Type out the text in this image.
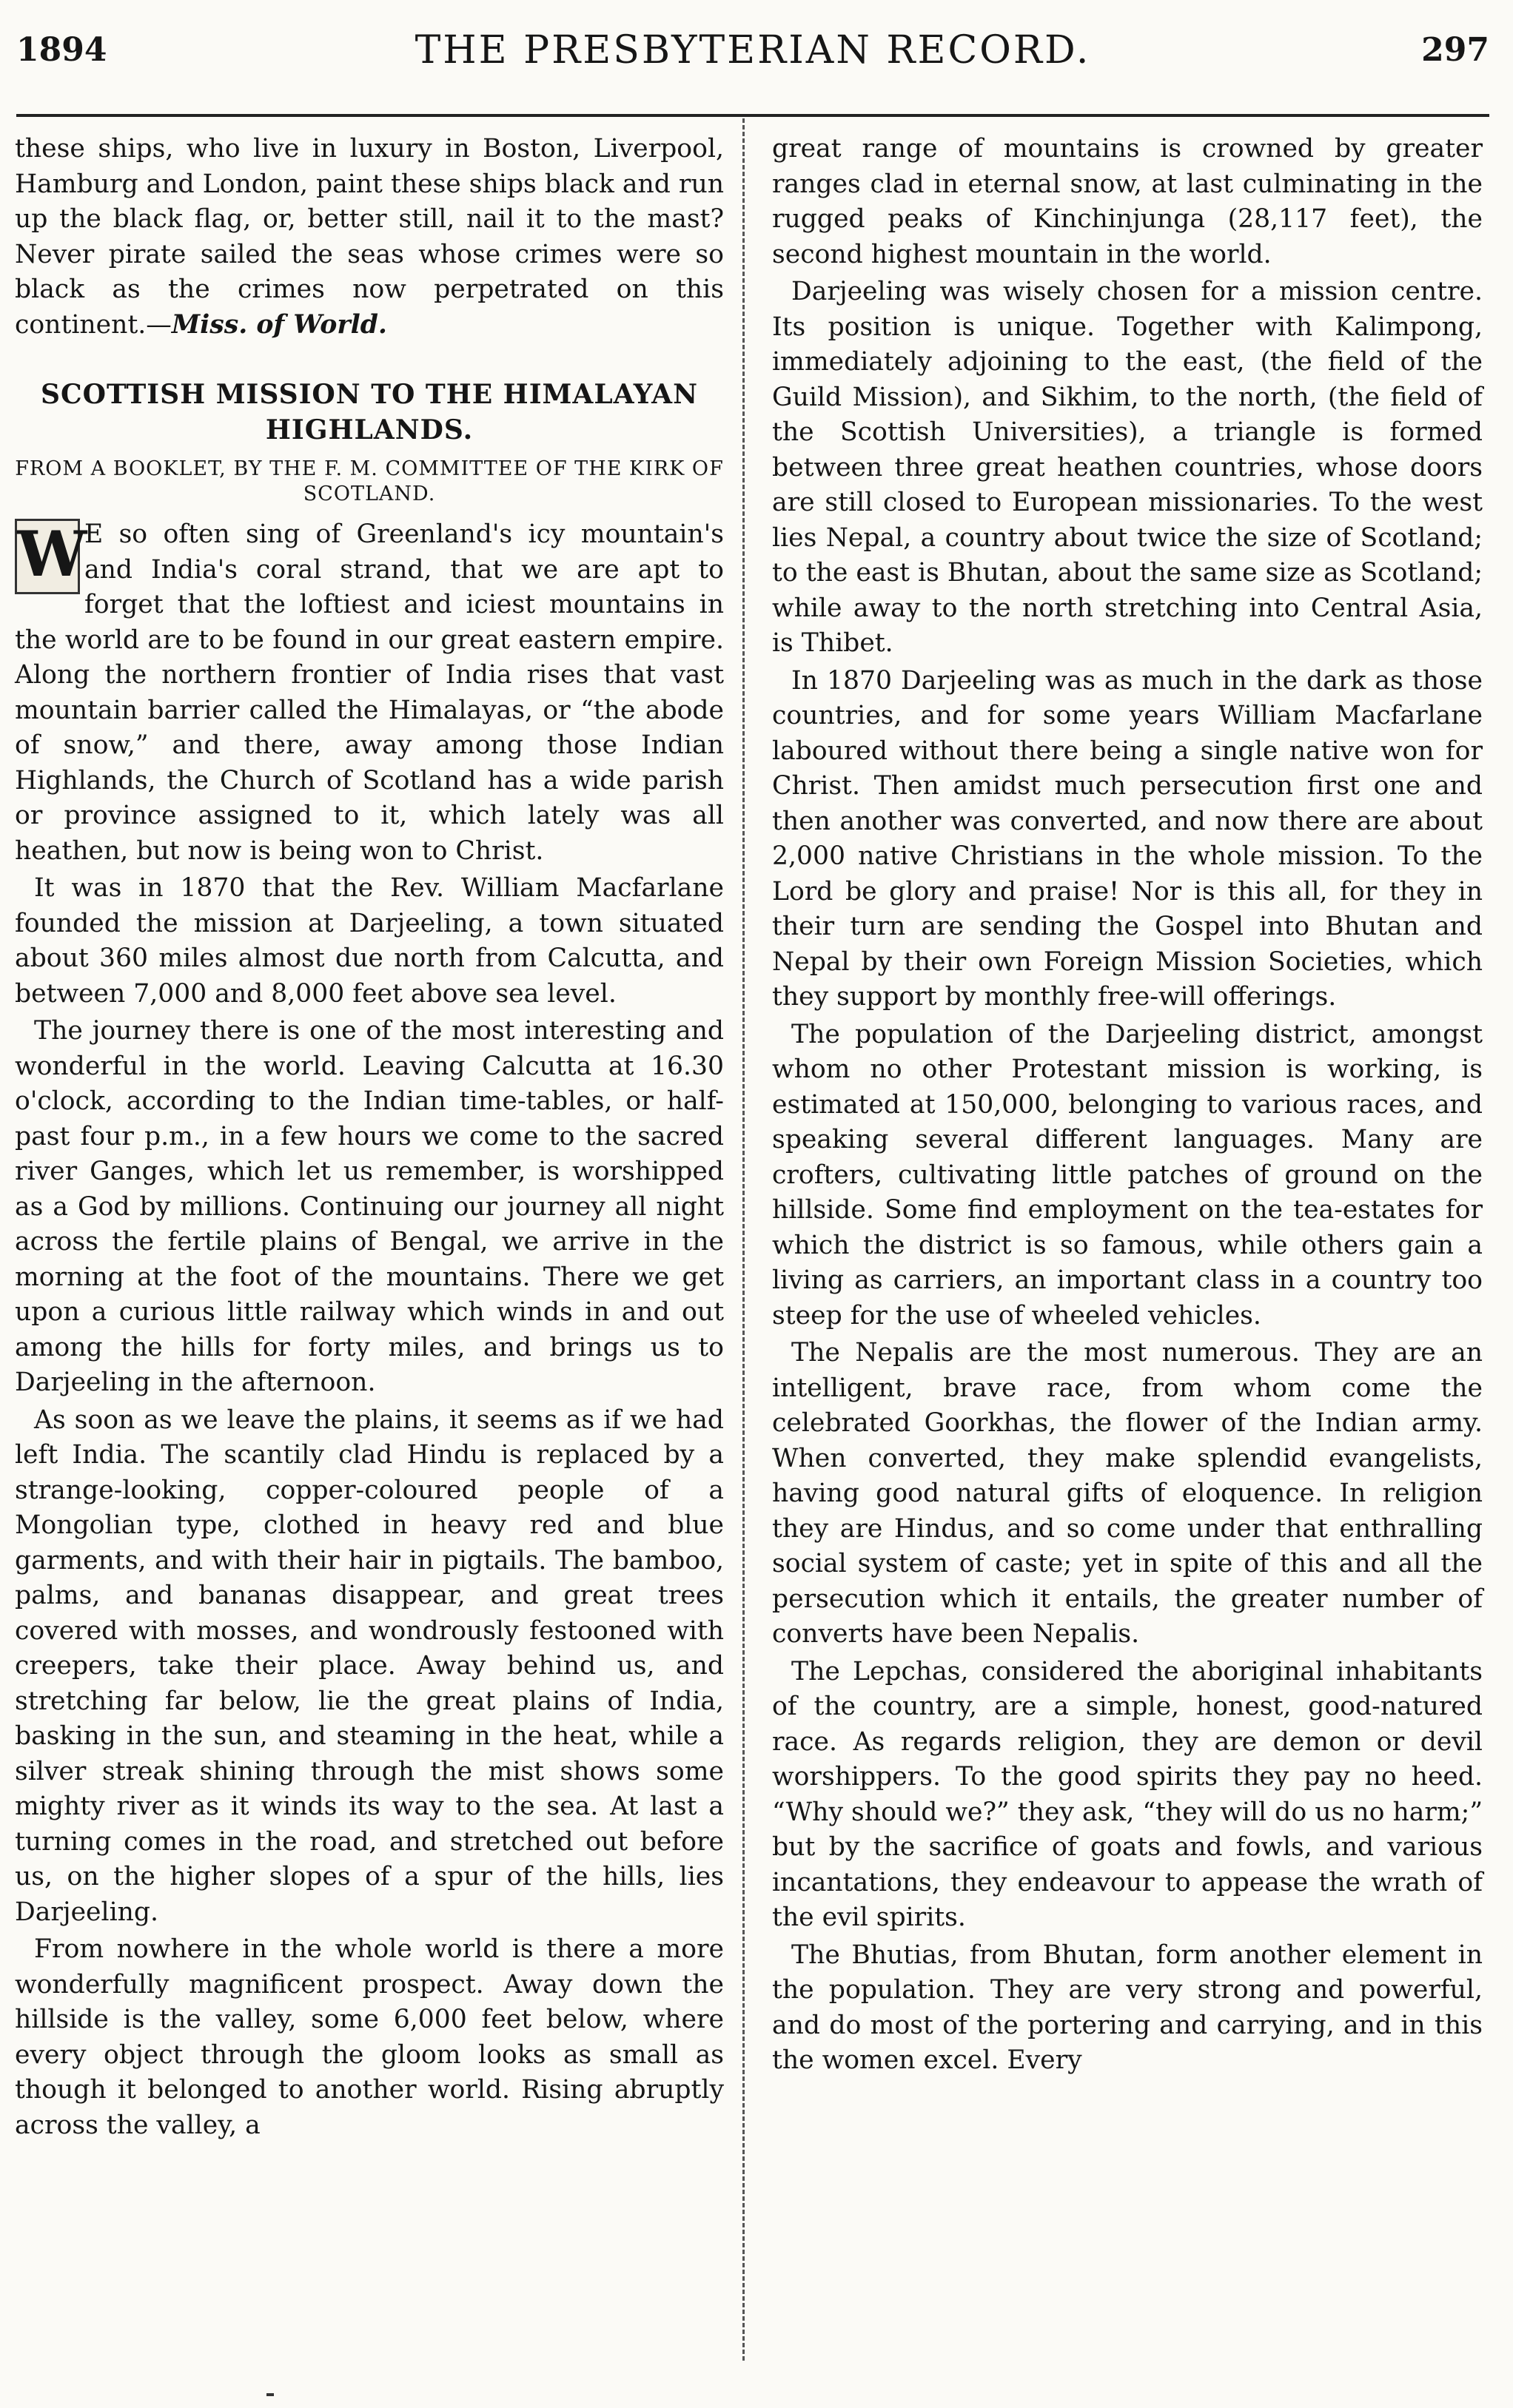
1894	THE PRESBYTERIAN RECORD.	297

these ships, who live in luxury in Boston, Liverpool, Hamburg and London, paint these ships black and run up the black flag, or, better still, nail it to the mast? Never pirate sailed the seas whose crimes were so black as the crimes now perpetrated on this continent.—Miss. of World.

SCOTTISH MISSION TO THE HIMALAYAN HIGHLANDS.
FROM A BOOKLET, BY THE F. M. COMMITTEE OF THE KIRK OF SCOTLAND.

W
E so often sing of Greenland's icy mountain's and India's coral strand, that we are apt to forget that the loftiest and iciest mountains in the world are to be found in our great eastern empire. Along the northern frontier of India rises that vast mountain barrier called the Himalayas, or “the abode of snow,” and there, away among those Indian Highlands, the Church of Scotland has a wide parish or province assigned to it, which lately was all heathen, but now is being won to Christ.

It was in 1870 that the Rev. William Macfarlane founded the mission at Darjeeling, a town situated about 360 miles almost due north from Calcutta, and between 7,000 and 8,000 feet above sea level.

The journey there is one of the most interesting and wonderful in the world. Leaving Calcutta at 16.30 o'clock, according to the Indian time-tables, or half-past four p.m., in a few hours we come to the sacred river Ganges, which let us remember, is worshipped as a God by millions. Continuing our journey all night across the fertile plains of Bengal, we arrive in the morning at the foot of the mountains. There we get upon a curious little railway which winds in and out among the hills for forty miles, and brings us to Darjeeling in the afternoon.

As soon as we leave the plains, it seems as if we had left India. The scantily clad Hindu is replaced by a strange-looking, copper-coloured people of a Mongolian type, clothed in heavy red and blue garments, and with their hair in pigtails. The bamboo, palms, and bananas disappear, and great trees covered with mosses, and wondrously festooned with creepers, take their place. Away behind us, and stretching far below, lie the great plains of India, basking in the sun, and steaming in the heat, while a silver streak shining through the mist shows some mighty river as it winds its way to the sea. At last a turning comes in the road, and stretched out before us, on the higher slopes of a spur of the hills, lies Darjeeling.

From nowhere in the whole world is there a more wonderfully magnificent prospect. Away down the hillside is the valley, some 6,000 feet below, where every object through the gloom looks as small as though it belonged to another world. Rising abruptly across the valley, a

great range of mountains is crowned by greater ranges clad in eternal snow, at last culminating in the rugged peaks of Kinchinjunga (28,117 feet), the second highest mountain in the world.

Darjeeling was wisely chosen for a mission centre. Its position is unique. Together with Kalimpong, immediately adjoining to the east, (the field of the Guild Mission), and Sikhim, to the north, (the field of the Scottish Universities), a triangle is formed between three great heathen countries, whose doors are still closed to European missionaries. To the west lies Nepal, a country about twice the size of Scotland; to the east is Bhutan, about the same size as Scotland; while away to the north stretching into Central Asia, is Thibet.

In 1870 Darjeeling was as much in the dark as those countries, and for some years William Macfarlane laboured without there being a single native won for Christ. Then amidst much persecution first one and then another was converted, and now there are about 2,000 native Christians in the whole mission. To the Lord be glory and praise! Nor is this all, for they in their turn are sending the Gospel into Bhutan and Nepal by their own Foreign Mission Societies, which they support by monthly free-will offerings.

The population of the Darjeeling district, amongst whom no other Protestant mission is working, is estimated at 150,000, belonging to various races, and speaking several different languages. Many are crofters, cultivating little patches of ground on the hillside. Some find employment on the tea-estates for which the district is so famous, while others gain a living as carriers, an important class in a country too steep for the use of wheeled vehicles.

The Nepalis are the most numerous. They are an intelligent, brave race, from whom come the celebrated Goorkhas, the flower of the Indian army. When converted, they make splendid evangelists, having good natural gifts of eloquence. In religion they are Hindus, and so come under that enthralling social system of caste; yet in spite of this and all the persecution which it entails, the greater number of converts have been Nepalis.

The Lepchas, considered the aboriginal inhabitants of the country, are a simple, honest, good-natured race. As regards religion, they are demon or devil worshippers. To the good spirits they pay no heed. “Why should we?” they ask, “they will do us no harm;” but by the sacrifice of goats and fowls, and various incantations, they endeavour to appease the wrath of the evil spirits.

The Bhutias, from Bhutan, form another element in the population. They are very strong and powerful, and do most of the portering and carrying, and in this the women excel. Every
